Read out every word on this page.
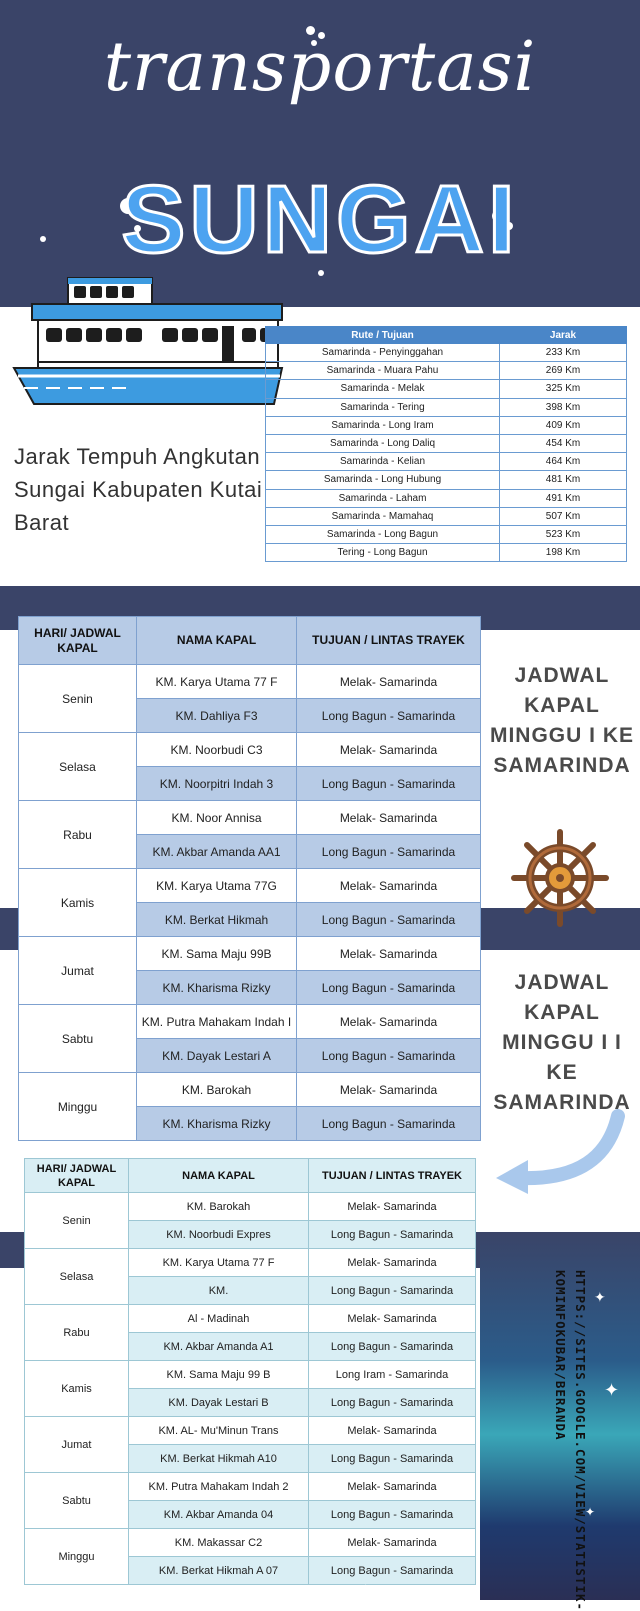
transportasi
SUNGAI
Rute / Tujuan	Jarak
Samarinda - Penyinggahan	233 Km
Samarinda - Muara Pahu	269 Km
Samarinda - Melak	325 Km
Samarinda - Tering	398 Km
Samarinda - Long Iram	409 Km
Samarinda - Long Daliq	454 Km
Samarinda - Kelian	464 Km
Samarinda - Long Hubung	481 Km
Samarinda - Laham	491 Km
Samarinda - Mamahaq	507 Km
Samarinda - Long Bagun	523 Km
Tering - Long Bagun	198 Km
Jarak Tempuh Angkutan Sungai Kabupaten Kutai Barat
HARI/ JADWAL KAPAL	NAMA KAPAL	TUJUAN / LINTAS TRAYEK
Senin	KM. Karya Utama 77 F	Melak- Samarinda
	KM. Dahliya F3	Long Bagun - Samarinda
Selasa	KM. Noorbudi C3	Melak- Samarinda
	KM. Noorpitri Indah 3	Long Bagun - Samarinda
Rabu	KM. Noor Annisa	Melak- Samarinda
	KM. Akbar Amanda AA1	Long Bagun - Samarinda
Kamis	KM. Karya Utama 77G	Melak- Samarinda
	KM. Berkat Hikmah	Long Bagun - Samarinda
Jumat	KM. Sama Maju 99B	Melak- Samarinda
	KM. Kharisma Rizky	Long Bagun - Samarinda
Sabtu	KM. Putra Mahakam Indah I	Melak- Samarinda
	KM. Dayak Lestari A	Long Bagun - Samarinda
Minggu	KM. Barokah	Melak- Samarinda
	KM. Kharisma Rizky	Long Bagun - Samarinda
JADWAL KAPAL MINGGU I KE SAMARINDA
JADWAL KAPAL MINGGU I I KE SAMARINDA
HARI/ JADWAL KAPAL	NAMA KAPAL	TUJUAN / LINTAS TRAYEK
Senin	KM. Barokah	Melak- Samarinda
	KM. Noorbudi Expres	Long Bagun - Samarinda
Selasa	KM. Karya Utama 77 F	Melak- Samarinda
	KM.	Long Bagun - Samarinda
Rabu	Al - Madinah	Melak- Samarinda
	KM. Akbar Amanda A1	Long Bagun - Samarinda
Kamis	KM. Sama Maju 99 B	Long Iram - Samarinda
	KM. Dayak Lestari B	Long Bagun - Samarinda
Jumat	KM. AL- Mu'Minun Trans	Melak- Samarinda
	KM. Berkat Hikmah A10	Long Bagun - Samarinda
Sabtu	KM. Putra Mahakam Indah 2	Melak- Samarinda
	KM. Akbar Amanda 04	Long Bagun - Samarinda
Minggu	KM. Makassar C2	Melak- Samarinda
	KM. Berkat Hikmah A 07	Long Bagun - Samarinda
✦
✦
✦
✦	HTTPS://SITES.GOOGLE.COM/VIEW/STATISTIK-KOMINFOKUBAR/BERANDA
